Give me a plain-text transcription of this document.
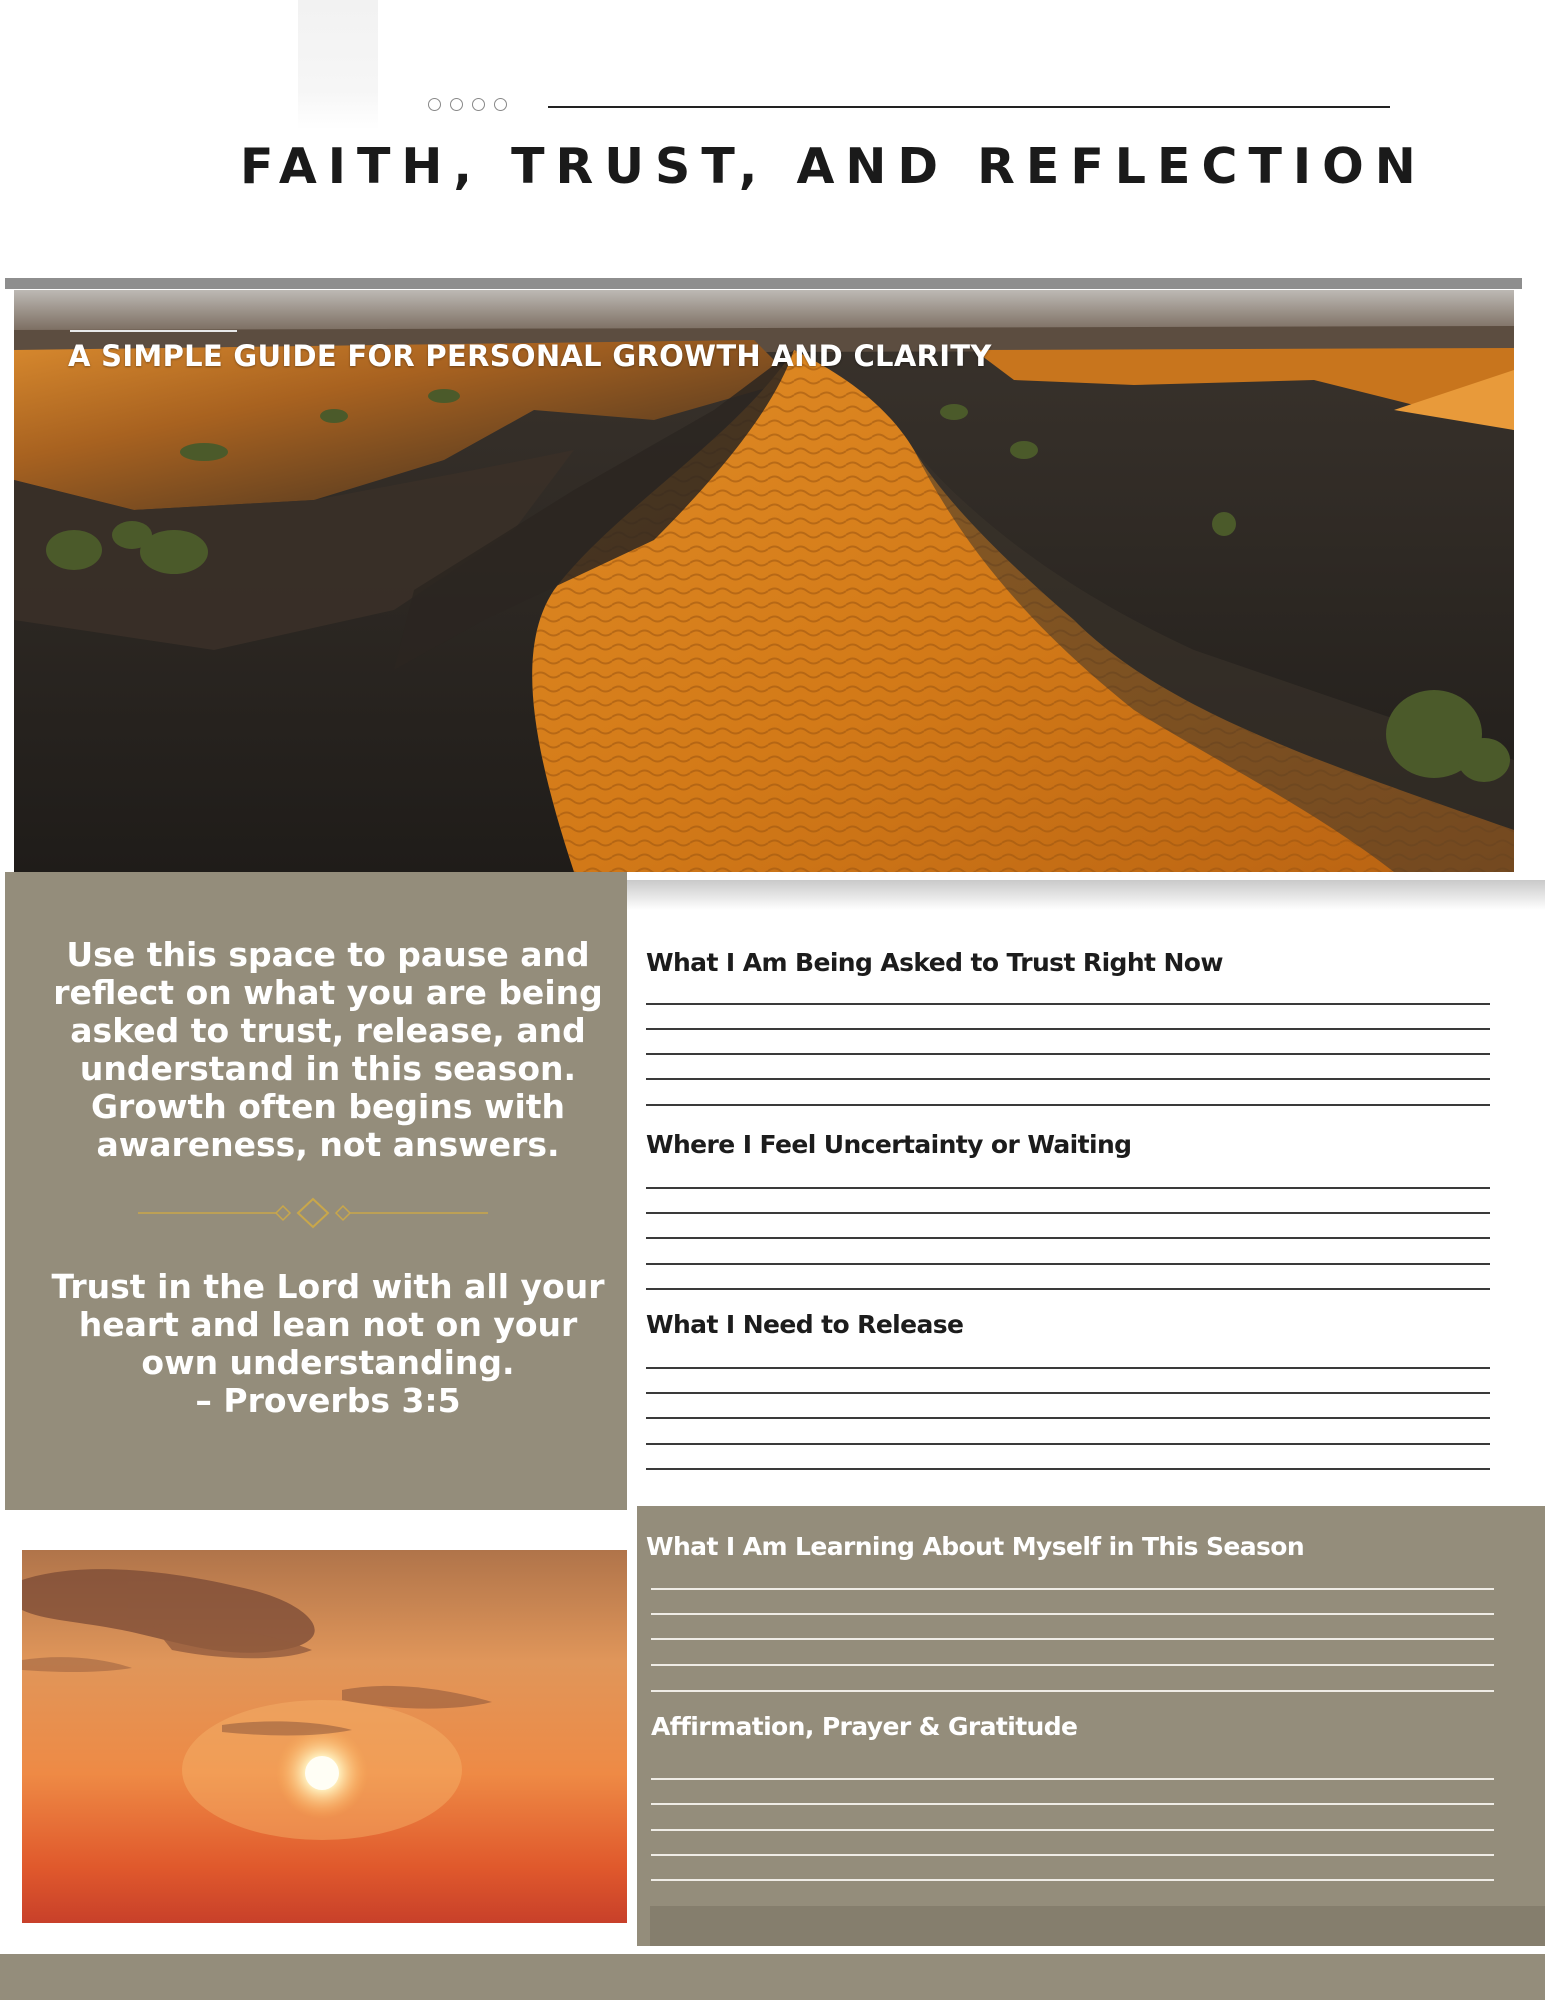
FAITH, TRUST, AND REFLECTION
A SIMPLE GUIDE FOR PERSONAL GROWTH AND CLARITY

Use this space to pause and
reflect on what you are being
asked to trust, release, and
understand in this season.
Growth often begins with
awareness, not answers.

Trust in the Lord with all your
heart and lean not on your
own understanding.
– Proverbs 3:5

What I Am Being Asked to Trust Right Now
Where I Feel Uncertainty or Waiting
What I Need to Release
What I Am Learning About Myself in This Season
Affirmation, Prayer & Gratitude
